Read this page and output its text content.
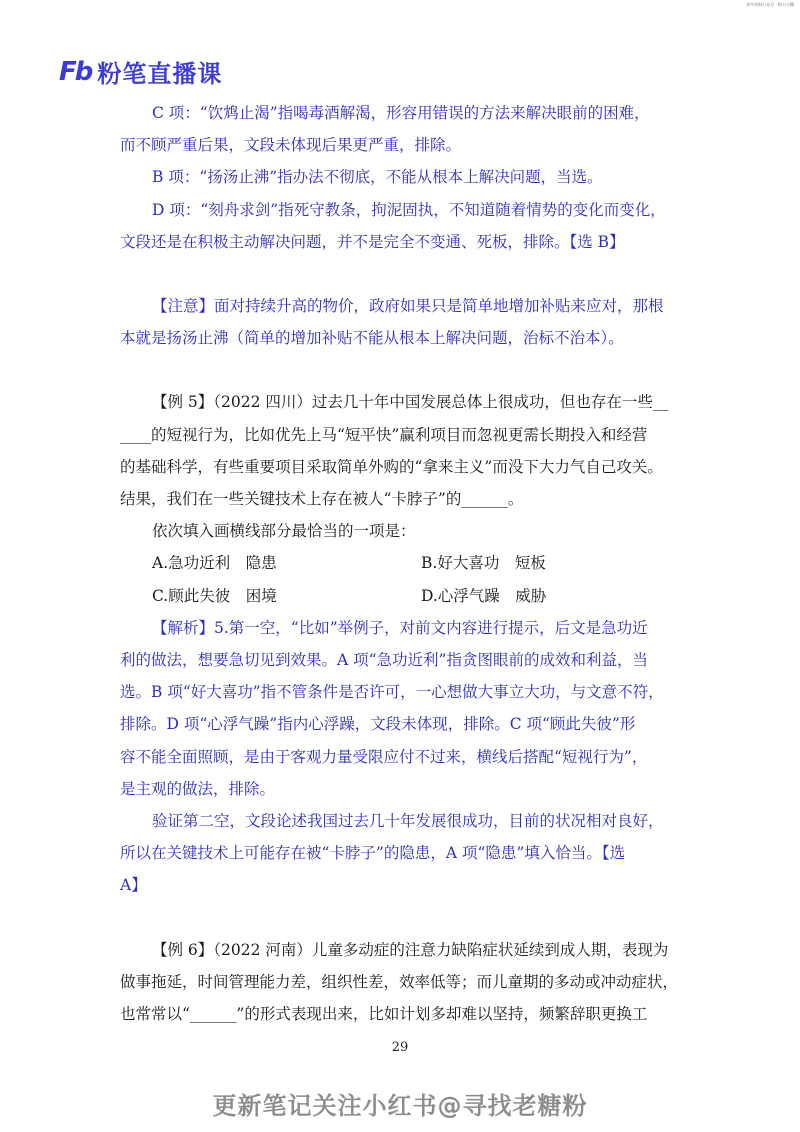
更多资料公众号 · 粉公小糖
Fb 粉笔直播课

C 项：“饮鸩止渴”指喝毒酒解渴，形容用错误的方法来解决眼前的困难，

而不顾严重后果，文段未体现后果更严重，排除。

B 项：“扬汤止沸”指办法不彻底，不能从根本上解决问题，当选。

D 项：“刻舟求剑”指死守教条，拘泥固执，不知道随着情势的变化而变化，

文段还是在积极主动解决问题，并不是完全不变通、死板，排除。【选 B】

【注意】面对持续升高的物价，政府如果只是简单地增加补贴来应对，那根

本就是扬汤止沸（简单的增加补贴不能从根本上解决问题，治标不治本）。

【例 5】（2022 四川）过去几十年中国发展总体上很成功，但也存在一些__

____的短视行为，比如优先上马“短平快”赢利项目而忽视更需长期投入和经营

的基础科学，有些重要项目采取简单外购的“拿来主义”而没下大力气自己攻关。

结果，我们在一些关键技术上存在被人“卡脖子”的______。

依次填入画横线部分最恰当的一项是：

A.急功近利　隐患	B.好大喜功　短板
C.顾此失彼　困境	D.心浮气躁　威胁

【解析】5.第一空，“比如”举例子，对前文内容进行提示，后文是急功近

利的做法，想要急切见到效果。A 项“急功近利”指贪图眼前的成效和利益，当

选。B 项“好大喜功”指不管条件是否许可，一心想做大事立大功，与文意不符，

排除。D 项“心浮气躁”指内心浮躁，文段未体现，排除。C 项“顾此失彼”形

容不能全面照顾，是由于客观力量受限应付不过来，横线后搭配“短视行为”，

是主观的做法，排除。

验证第二空，文段论述我国过去几十年发展很成功，目前的状况相对良好，

所以在关键技术上可能存在被“卡脖子”的隐患，A 项“隐患”填入恰当。【选

A】

【例 6】（2022 河南）儿童多动症的注意力缺陷症状延续到成人期，表现为

做事拖延，时间管理能力差，组织性差，效率低等；而儿童期的多动或冲动症状，

也常常以“______”的形式表现出来，比如计划多却难以坚持，频繁辞职更换工

29
更新笔记关注小红书@寻找老糖粉
